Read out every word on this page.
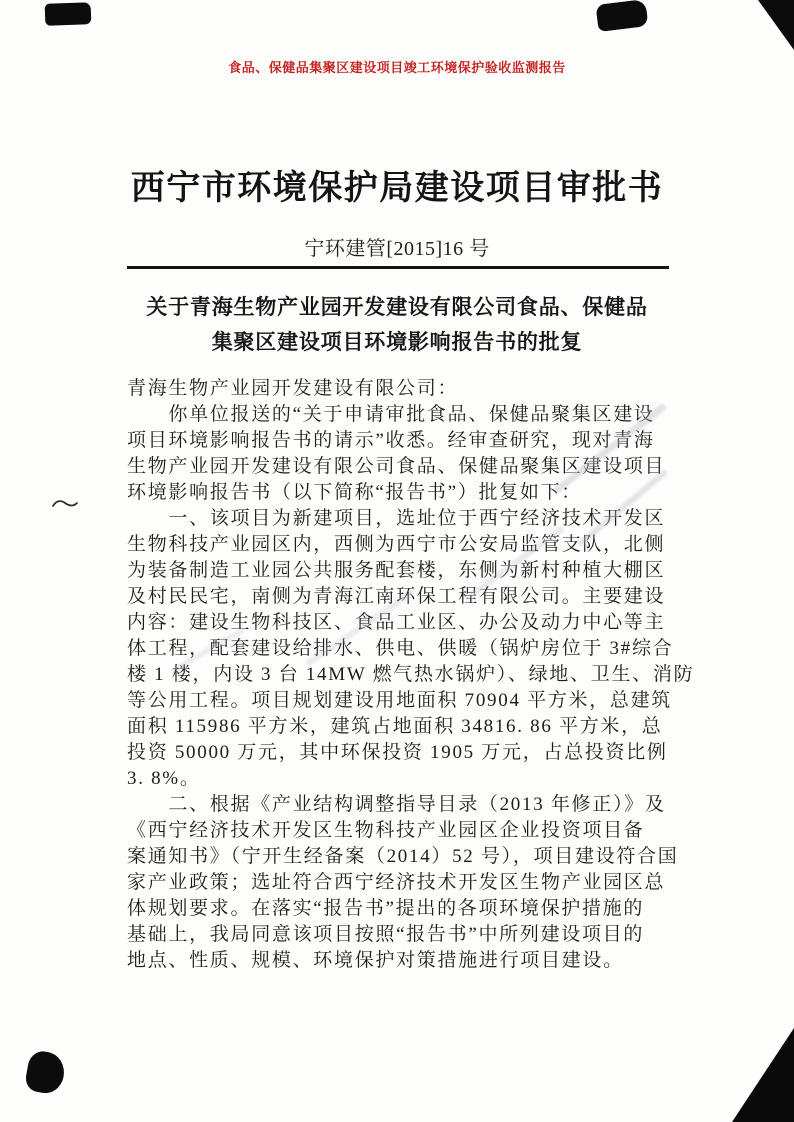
食品、保健品集聚区建设项目竣工环境保护验收监测报告
西宁市环境保护局建设项目审批书
宁环建管[2015]16 号
关于青海生物产业园开发建设有限公司食品、保健品
集聚区建设项目环境影响报告书的批复
青海生物产业园开发建设有限公司：
　　你单位报送的“关于申请审批食品、保健品聚集区建设
项目环境影响报告书的请示”收悉。经审查研究，现对青海
生物产业园开发建设有限公司食品、保健品聚集区建设项目
环境影响报告书（以下简称“报告书”）批复如下：
　　一、该项目为新建项目，选址位于西宁经济技术开发区
生物科技产业园区内，西侧为西宁市公安局监管支队，北侧
为装备制造工业园公共服务配套楼，东侧为新村种植大棚区
及村民民宅，南侧为青海江南环保工程有限公司。主要建设
内容：建设生物科技区、食品工业区、办公及动力中心等主
体工程，配套建设给排水、供电、供暖（锅炉房位于 3#综合
楼 1 楼，内设 3 台 14MW 燃气热水锅炉）、绿地、卫生、消防
等公用工程。项目规划建设用地面积 70904 平方米，总建筑
面积 115986 平方米，建筑占地面积 34816. 86 平方米，总
投资 50000 万元，其中环保投资 1905 万元，占总投资比例
3. 8%。
　　二、根据《产业结构调整指导目录（2013 年修正）》及
《西宁经济技术开发区生物科技产业园区企业投资项目备
案通知书》（宁开生经备案（2014）52 号），项目建设符合国
家产业政策；选址符合西宁经济技术开发区生物产业园区总
体规划要求。在落实“报告书”提出的各项环境保护措施的
基础上，我局同意该项目按照“报告书”中所列建设项目的
地点、性质、规模、环境保护对策措施进行项目建设。
